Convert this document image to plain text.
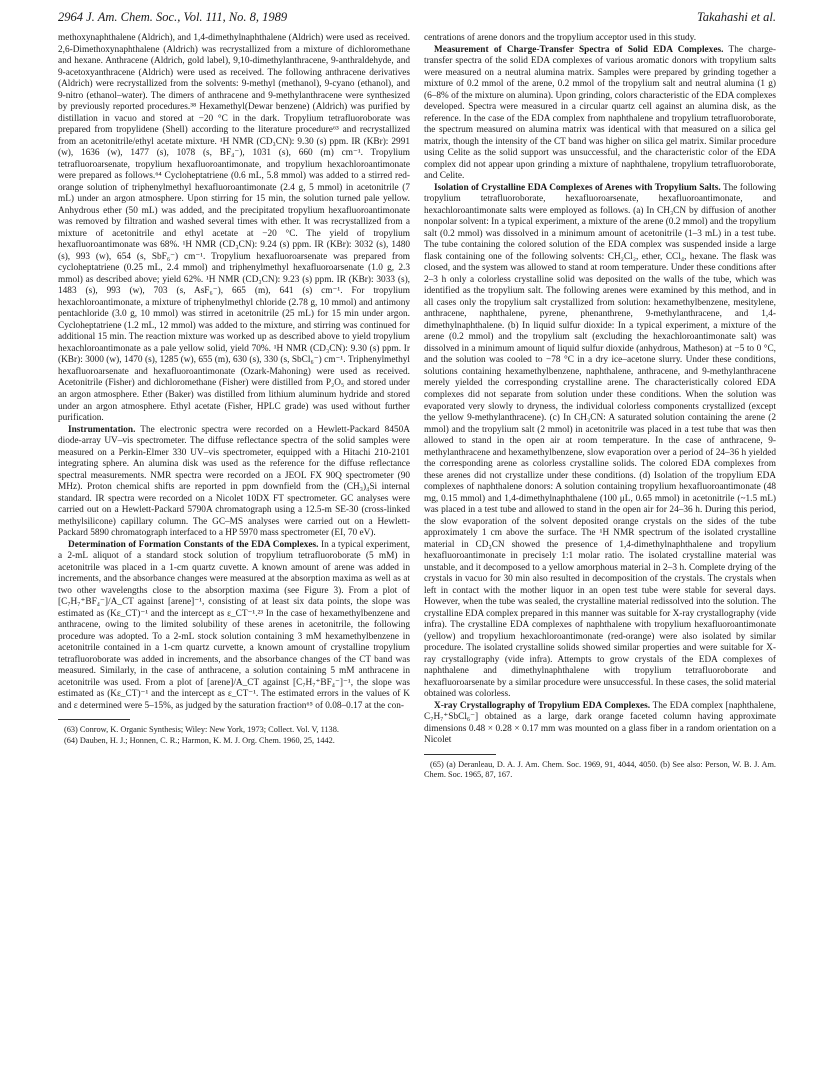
2964 J. Am. Chem. Soc., Vol. 111, No. 8, 1989	Takahashi et al.

methoxynaphthalene (Aldrich), and 1,4-dimethylnaphthalene (Aldrich) were used as received. 2,6-Dimethoxynaphthalene (Aldrich) was recrystallized from a mixture of dichloromethane and hexane. Anthracene (Aldrich, gold label), 9,10-dimethylanthracene, 9-anthraldehyde, and 9-acetoxyanthracene (Aldrich) were used as received. The following anthracene derivatives (Aldrich) were recrystallized from the solvents: 9-methyl (methanol), 9-cyano (ethanol), and 9-nitro (ethanol–water). The dimers of anthracene and 9-methylanthracene were synthesized by previously reported procedures.³⁸ Hexamethyl(Dewar benzene) (Aldrich) was purified by distillation in vacuo and stored at −20 °C in the dark. Tropylium tetrafluoroborate was prepared from tropylidene (Shell) according to the literature procedure⁶³ and recrystallized from an acetonitrile/ethyl acetate mixture. ¹H NMR (CD₃CN): 9.30 (s) ppm. IR (KBr): 2991 (w), 1636 (w), 1477 (s), 1078 (s, BF₄⁻), 1031 (s), 660 (m) cm⁻¹. Tropylium tetrafluoroarsenate, tropylium hexafluoroantimonate, and tropylium hexachloroantimonate were prepared as follows.⁶⁴ Cycloheptatriene (0.6 mL, 5.8 mmol) was added to a stirred red-orange solution of triphenylmethyl hexafluoroantimonate (2.4 g, 5 mmol) in acetonitrile (7 mL) under an argon atmosphere. Upon stirring for 15 min, the solution turned pale yellow. Anhydrous ether (50 mL) was added, and the precipitated tropylium hexafluoroantimonate was removed by filtration and washed several times with ether. It was recrystallized from a mixture of acetonitrile and ethyl acetate at −20 °C. The yield of tropylium hexafluoroantimonate was 68%. ¹H NMR (CD₃CN): 9.24 (s) ppm. IR (KBr): 3032 (s), 1480 (s), 993 (w), 654 (s, SbF₆⁻) cm⁻¹. Tropylium hexafluoroarsenate was prepared from cycloheptatriene (0.25 mL, 2.4 mmol) and triphenylmethyl hexafluoroarsenate (1.0 g, 2.3 mmol) as described above; yield 62%. ¹H NMR (CD₃CN): 9.23 (s) ppm. IR (KBr): 3033 (s), 1483 (s), 993 (w), 703 (s, AsF₆⁻), 665 (m), 641 (s) cm⁻¹. For tropylium hexachloroantimonate, a mixture of triphenylmethyl chloride (2.78 g, 10 mmol) and antimony pentachloride (3.0 g, 10 mmol) was stirred in acetonitrile (25 mL) for 15 min under argon. Cycloheptatriene (1.2 mL, 12 mmol) was added to the mixture, and stirring was continued for additional 15 min. The reaction mixture was worked up as described above to yield tropylium hexachloroantimonate as a pale yellow solid, yield 70%. ¹H NMR (CD₃CN): 9.30 (s) ppm. Ir (KBr): 3000 (w), 1470 (s), 1285 (w), 655 (m), 630 (s), 330 (s, SbCl₆⁻) cm⁻¹. Triphenylmethyl hexafluoroarsenate and hexafluoroantimonate (Ozark-Mahoning) were used as received. Acetonitrile (Fisher) and dichloromethane (Fisher) were distilled from P₂O₅ and stored under an argon atmosphere. Ether (Baker) was distilled from lithium aluminum hydride and stored under an argon atmosphere. Ethyl acetate (Fisher, HPLC grade) was used without further purification.

Instrumentation. The electronic spectra were recorded on a Hewlett-Packard 8450A diode-array UV–vis spectrometer. The diffuse reflectance spectra of the solid samples were measured on a Perkin-Elmer 330 UV–vis spectrometer, equipped with a Hitachi 210-2101 integrating sphere. An alumina disk was used as the reference for the diffuse reflectance spectral measurements. NMR spectra were recorded on a JEOL FX 90Q spectrometer (90 MHz). Proton chemical shifts are reported in ppm downfield from the (CH₃)₄Si internal standard. IR spectra were recorded on a Nicolet 10DX FT spectrometer. GC analyses were carried out on a Hewlett-Packard 5790A chromatograph using a 12.5-m SE-30 (cross-linked methylsilicone) capillary column. The GC–MS analyses were carried out on a Hewlett-Packard 5890 chromatograph interfaced to a HP 5970 mass spectrometer (EI, 70 eV).

Determination of Formation Constants of the EDA Complexes. In a typical experiment, a 2-mL aliquot of a standard stock solution of tropylium tetrafluoroborate (5 mM) in acetonitrile was placed in a 1-cm quartz cuvette. A known amount of arene was added in increments, and the absorbance changes were measured at the absorption maxima as well as at two other wavelengths close to the absorption maxima (see Figure 3). From a plot of [C₇H₇⁺BF₄⁻]/A_CT against [arene]⁻¹, consisting of at least six data points, the slope was estimated as (Kε_CT)⁻¹ and the intercept as ε_CT⁻¹.²³ In the case of hexamethylbenzene and anthracene, owing to the limited solubility of these arenes in acetonitrile, the following procedure was adopted. To a 2-mL stock solution containing 3 mM hexamethylbenzene in acetonitrile contained in a 1-cm quartz curvette, a known amount of crystalline tropylium tetrafluoroborate was added in increments, and the absorbance changes of the CT band was measured. Similarly, in the case of anthracene, a solution containing 5 mM anthracene in acetonitrile was used. From a plot of [arene]/A_CT against [C₇H₇⁺BF₄⁻]⁻¹, the slope was estimated as (Kε_CT)⁻¹ and the intercept as ε_CT⁻¹. The estimated errors in the values of K and ε determined were 5–15%, as judged by the saturation fraction⁶⁵ of 0.08–0.17 at the con-

(63) Conrow, K. Organic Synthesis; Wiley: New York, 1973; Collect. Vol. V, 1138.

(64) Dauben, H. J.; Honnen, C. R.; Harmon, K. M. J. Org. Chem. 1960, 25, 1442.

centrations of arene donors and the tropylium acceptor used in this study.

Measurement of Charge-Transfer Spectra of Solid EDA Complexes. The charge-transfer spectra of the solid EDA complexes of various aromatic donors with tropylium salts were measured on a neutral alumina matrix. Samples were prepared by grinding together a mixture of 0.2 mmol of the arene, 0.2 mmol of the tropylium salt and neutral alumina (1 g) (6–8% of the mixture on alumina). Upon grinding, colors characteristic of the EDA complexes developed. Spectra were measured in a circular quartz cell against an alumina disk, as the reference. In the case of the EDA complex from naphthalene and tropylium tetrafluoroborate, the spectrum measured on alumina matrix was identical with that measured on a silica gel matrix, though the intensity of the CT band was higher on silica gel matrix. Similar procedure using Celite as the solid support was unsuccessful, and the characteristic color of the EDA complex did not appear upon grinding a mixture of naphthalene, tropylium tetrafluoroborate, and Celite.

Isolation of Crystalline EDA Complexes of Arenes with Tropylium Salts. The following tropylium tetrafluoroborate, hexafluoroarsenate, hexafluoroantimonate, and hexachloroantimonate salts were employed as follows. (a) In CH₃CN by diffusion of another nonpolar solvent: In a typical experiment, a mixture of the arene (0.2 mmol) and the tropylium salt (0.2 mmol) was dissolved in a minimum amount of acetonitrile (1–3 mL) in a test tube. The tube containing the colored solution of the EDA complex was suspended inside a large flask containing one of the following solvents: CH₂Cl₂, ether, CCl₄, hexane. The flask was closed, and the system was allowed to stand at room temperature. Under these conditions after 2–3 h only a colorless crystalline solid was deposited on the walls of the tube, which was identified as the tropylium salt. The following arenes were examined by this method, and in all cases only the tropylium salt crystallized from solution: hexamethylbenzene, mesitylene, anthracene, naphthalene, pyrene, phenanthrene, 9-methylanthracene, and 1,4-dimethylnaphthalene. (b) In liquid sulfur dioxide: In a typical experiment, a mixture of the arene (0.2 mmol) and the tropylium salt (excluding the hexachloroantimonate salt) was dissolved in a minimum amount of liquid sulfur dioxide (anhydrous, Matheson) at −5 to 0 °C, and the solution was cooled to −78 °C in a dry ice–acetone slurry. Under these conditions, solutions containing hexamethylbenzene, naphthalene, anthracene, and 9-methylanthracene merely yielded the corresponding crystalline arene. The characteristically colored EDA complexes did not separate from solution under these conditions. When the solution was evaporated very slowly to dryness, the individual colorless components crystallized (except the yellow 9-methylanthracene). (c) In CH₃CN: A saturated solution containing the arene (2 mmol) and the tropylium salt (2 mmol) in acetonitrile was placed in a test tube that was then allowed to stand in the open air at room temperature. In the case of anthracene, 9-methylanthracene and hexamethylbenzene, slow evaporation over a period of 24–36 h yielded the corresponding arene as colorless crystalline solids. The colored EDA complexes from these arenes did not crystallize under these conditions. (d) Isolation of the tropylium EDA complexes of naphthalene donors: A solution containing tropylium hexafluoroantimonate (48 mg, 0.15 mmol) and 1,4-dimethylnaphthalene (100 μL, 0.65 mmol) in acetonitrile (~1.5 mL) was placed in a test tube and allowed to stand in the open air for 24–36 h. During this period, the slow evaporation of the solvent deposited orange crystals on the sides of the tube approximately 1 cm above the surface. The ¹H NMR spectrum of the isolated crystalline material in CD₃CN showed the presence of 1,4-dimethylnaphthalene and tropylium hexafluoroantimonate in precisely 1:1 molar ratio. The isolated crystalline material was unstable, and it decomposed to a yellow amorphous material in 2–3 h. Complete drying of the crystals in vacuo for 30 min also resulted in decomposition of the crystals. The crystals when left in contact with the mother liquor in an open test tube were stable for several days. However, when the tube was sealed, the crystalline material redissolved into the solution. The crystalline EDA complex prepared in this manner was suitable for X-ray crystallography (vide infra). The crystalline EDA complexes of naphthalene with tropylium hexafluoroantimonate (yellow) and tropylium hexachloroantimonate (red-orange) were also isolated by similar procedure. The isolated crystalline solids showed similar properties and were suitable for X-ray crystallography (vide infra). Attempts to grow crystals of the EDA complexes of naphthalene and dimethylnaphthalene with tropylium tetrafluoroborate and hexafluoroarsenate by a similar procedure were unsuccessful. In these cases, the solid material obtained was colorless.

X-ray Crystallography of Tropylium EDA Complexes. The EDA complex [naphthalene, C₇H₇⁺SbCl₆⁻] obtained as a large, dark orange faceted column having approximate dimensions 0.48 × 0.28 × 0.17 mm was mounted on a glass fiber in a random orientation on a Nicolet

(65) (a) Deranleau, D. A. J. Am. Chem. Soc. 1969, 91, 4044, 4050. (b) See also: Person, W. B. J. Am. Chem. Soc. 1965, 87, 167.
